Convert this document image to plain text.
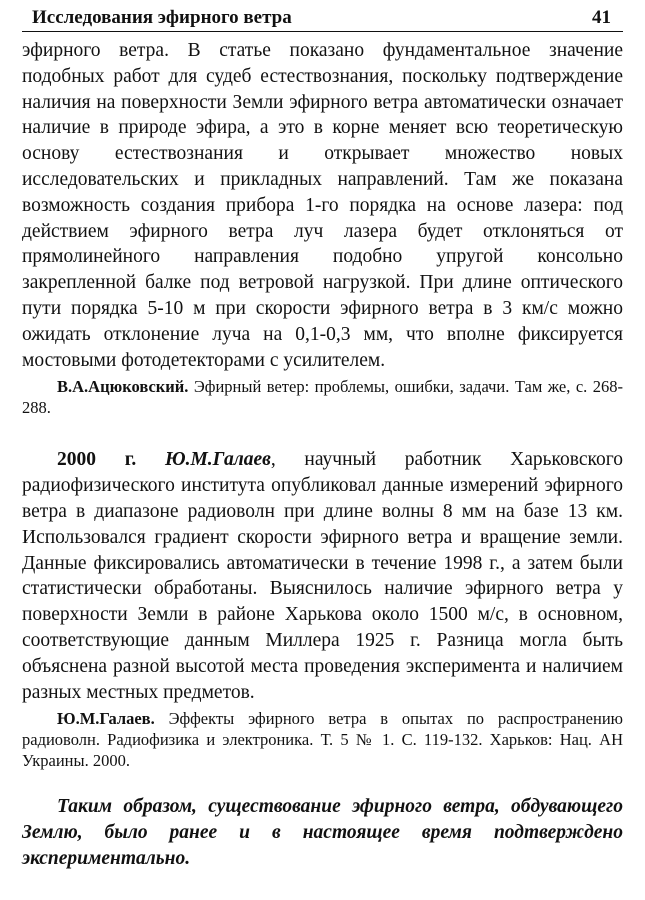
Исследования эфирного ветра	41

эфирного ветра. В статье показано фундаментальное значение подобных работ для судеб естествознания, поскольку подтверждение наличия на поверхности Земли эфирного ветра автоматически означает наличие в природе эфира, а это в корне меняет всю теоретическую основу естествознания и открывает множество новых исследовательских и прикладных направлений. Там же показана возможность создания прибора 1-го порядка на основе лазера: под действием эфирного ветра луч лазера будет отклоняться от прямолинейного направления подобно упругой консольно закрепленной балке под ветровой нагрузкой. При длине оптического пути порядка 5-10 м при скорости эфирного ветра в 3 км/с можно ожидать отклонение луча на 0,1-0,3 мм, что вполне фиксируется мостовыми фотодетекторами с усилителем.

В.А.Ацюковский. Эфирный ветер: проблемы, ошибки, задачи. Там же, с. 268-288.

2000 г. Ю.М.Галаев, научный работник Харьковского радиофизического института опубликовал данные измерений эфирного ветра в диапазоне радиоволн при длине волны 8 мм на базе 13 км. Использовался градиент скорости эфирного ветра и вращение земли. Данные фиксировались автоматически в течение 1998 г., а затем были статистически обработаны. Выяснилось наличие эфирного ветра у поверхности Земли в районе Харькова около 1500 м/с, в основном, соответствующие данным Миллера 1925 г. Разница могла быть объяснена разной высотой места проведения эксперимента и наличием разных местных предметов.

Ю.М.Галаев. Эффекты эфирного ветра в опытах по распространению радиоволн. Радиофизика и электроника. Т. 5 № 1. С. 119-132. Харьков: Нац. АН Украины. 2000.

Таким образом, существование эфирного ветра, обдувающего Землю, было ранее и в настоящее время подтверждено экспериментально.
